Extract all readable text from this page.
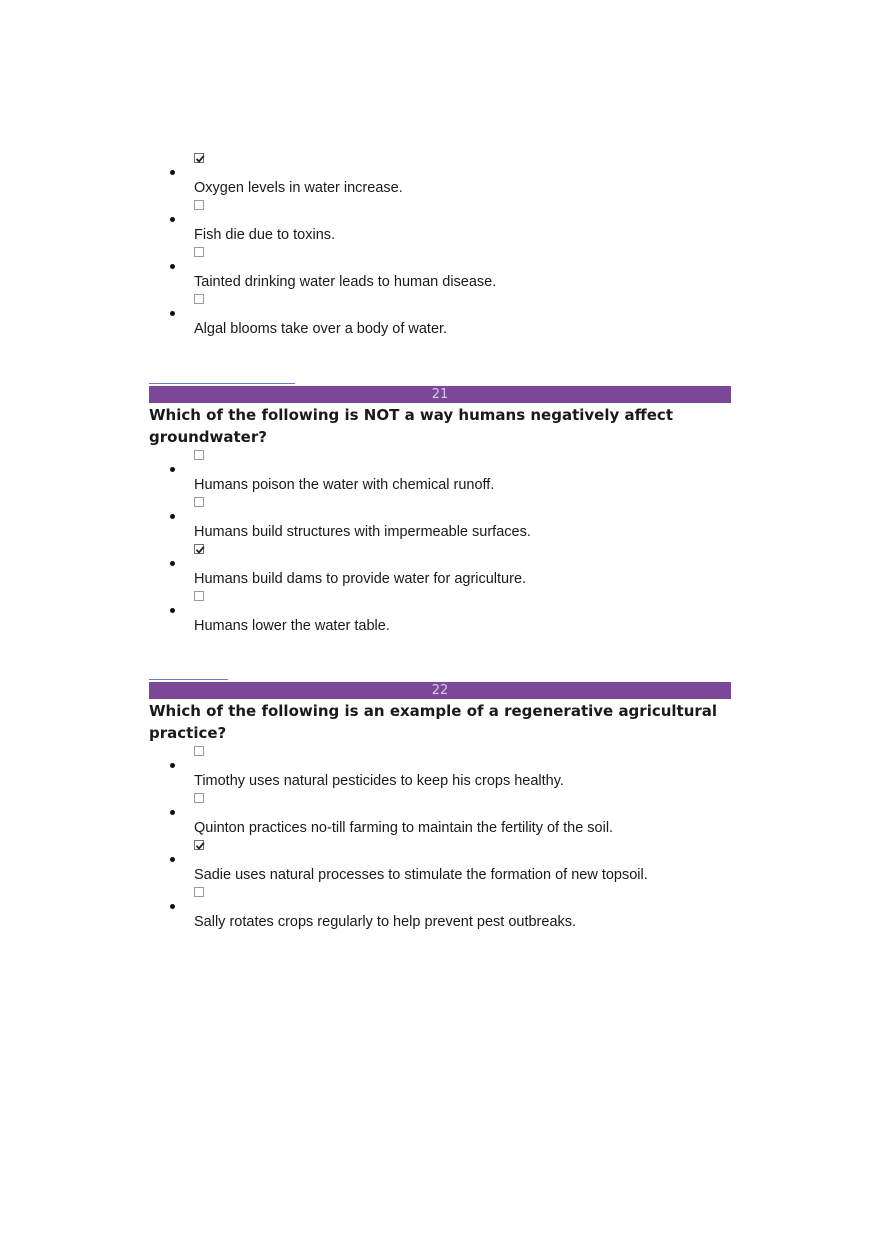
Oxygen levels in water increase.
Fish die due to toxins.
Tainted drinking water leads to human disease.
Algal blooms take over a body of water.
21

Which of the following is NOT a way humans negatively affect groundwater?

Humans poison the water with chemical runoff.
Humans build structures with impermeable surfaces.
Humans build dams to provide water for agriculture.
Humans lower the water table.
22

Which of the following is an example of a regenerative agricultural practice?

Timothy uses natural pesticides to keep his crops healthy.
Quinton practices no-till farming to maintain the fertility of the soil.
Sadie uses natural processes to stimulate the formation of new topsoil.
Sally rotates crops regularly to help prevent pest outbreaks.
